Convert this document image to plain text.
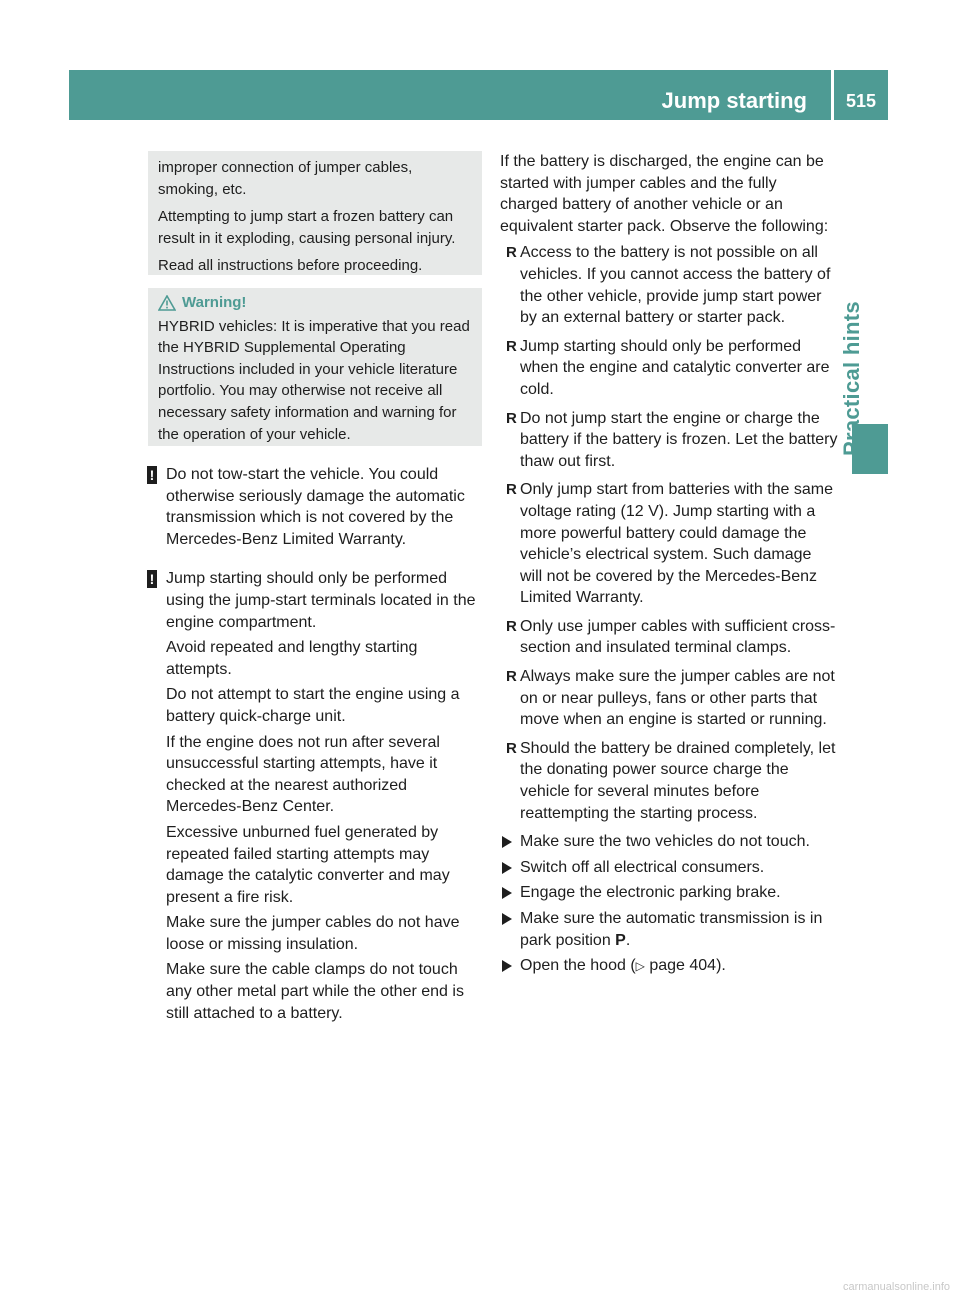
Jump starting	515
Practical hints

improper connection of jumper cables, smoking, etc.

Attempting to jump start a frozen battery can result in it exploding, causing personal injury.

Read all instructions before proceeding.

Warning!

HYBRID vehicles: It is imperative that you read the HYBRID Supplemental Operating Instructions included in your vehicle literature portfolio. You may otherwise not receive all necessary safety information and warning for the operation of your vehicle.

! Do not tow-start the vehicle. You could otherwise seriously damage the automatic transmission which is not covered by the Mercedes-Benz Limited Warranty.

! Jump starting should only be performed using the jump-start terminals located in the engine compartment.

Avoid repeated and lengthy starting attempts.

Do not attempt to start the engine using a battery quick-charge unit.

If the engine does not run after several unsuccessful starting attempts, have it checked at the nearest authorized Mercedes-Benz Center.

Excessive unburned fuel generated by repeated failed starting attempts may damage the catalytic converter and may present a fire risk.

Make sure the jumper cables do not have loose or missing insulation.

Make sure the cable clamps do not touch any other metal part while the other end is still attached to a battery.

If the battery is discharged, the engine can be started with jumper cables and the fully charged battery of another vehicle or an equivalent starter pack. Observe the following:

R Access to the battery is not possible on all vehicles. If you cannot access the battery of the other vehicle, provide jump start power by an external battery or starter pack.
R Jump starting should only be performed when the engine and catalytic converter are cold.
R Do not jump start the engine or charge the battery if the battery is frozen. Let the battery thaw out first.
R Only jump start from batteries with the same voltage rating (12 V). Jump starting with a more powerful battery could damage the vehicle’s electrical system. Such damage will not be covered by the Mercedes-Benz Limited Warranty.
R Only use jumper cables with sufficient cross-section and insulated terminal clamps.
R Always make sure the jumper cables are not on or near pulleys, fans or other parts that move when an engine is started or running.
R Should the battery be drained completely, let the donating power source charge the vehicle for several minutes before reattempting the starting process.
Make sure the two vehicles do not touch.
Switch off all electrical consumers.
Engage the electronic parking brake.
Make sure the automatic transmission is in park position P.
Open the hood (▷ page 404).
carmanualsonline.info
